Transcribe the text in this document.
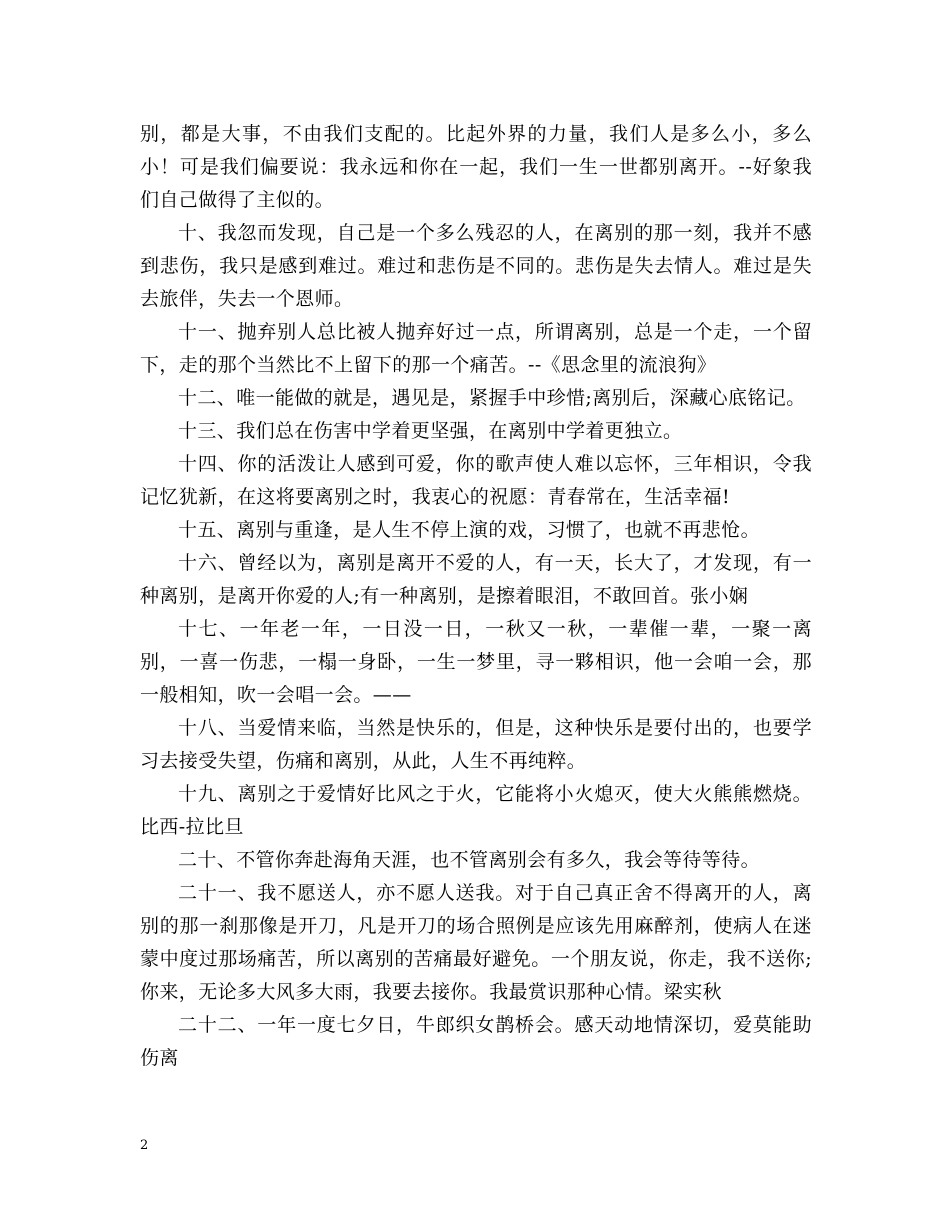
别，都是大事，不由我们支配的。比起外界的力量，我们人是多么小，多么小！可是我们偏要说：我永远和你在一起，我们一生一世都别离开。--好象我们自己做得了主似的。

十、我忽而发现，自己是一个多么残忍的人，在离别的那一刻，我并不感到悲伤，我只是感到难过。难过和悲伤是不同的。悲伤是失去情人。难过是失去旅伴，失去一个恩师。

十一、抛弃别人总比被人抛弃好过一点，所谓离别，总是一个走，一个留下，走的那个当然比不上留下的那一个痛苦。--《思念里的流浪狗》

十二、唯一能做的就是，遇见是，紧握手中珍惜;离别后，深藏心底铭记。

十三、我们总在伤害中学着更坚强，在离别中学着更独立。

十四、你的活泼让人感到可爱，你的歌声使人难以忘怀，三年相识，令我记忆犹新，在这将要离别之时，我衷心的祝愿：青春常在，生活幸福!

十五、离别与重逢，是人生不停上演的戏，习惯了，也就不再悲怆。

十六、曾经以为，离别是离开不爱的人，有一天，长大了，才发现，有一种离别，是离开你爱的人;有一种离别，是擦着眼泪，不敢回首。张小娴

十七、一年老一年，一日没一日，一秋又一秋，一辈催一辈，一聚一离别，一喜一伤悲，一榻一身卧，一生一梦里，寻一夥相识，他一会咱一会，那一般相知，吹一会唱一会。——

十八、当爱情来临，当然是快乐的，但是，这种快乐是要付出的，也要学习去接受失望，伤痛和离别，从此，人生不再纯粹。

十九、离别之于爱情好比风之于火，它能将小火熄灭，使大火熊熊燃烧。比西-拉比旦

二十、不管你奔赴海角天涯，也不管离别会有多久，我会等待等待。

二十一、我不愿送人，亦不愿人送我。对于自己真正舍不得离开的人，离别的那一刹那像是开刀，凡是开刀的场合照例是应该先用麻醉剂，使病人在迷蒙中度过那场痛苦，所以离别的苦痛最好避免。一个朋友说，你走，我不送你;你来，无论多大风多大雨，我要去接你。我最赏识那种心情。梁实秋

二十二、一年一度七夕日，牛郎织女鹊桥会。感天动地情深切，爱莫能助伤离

2
